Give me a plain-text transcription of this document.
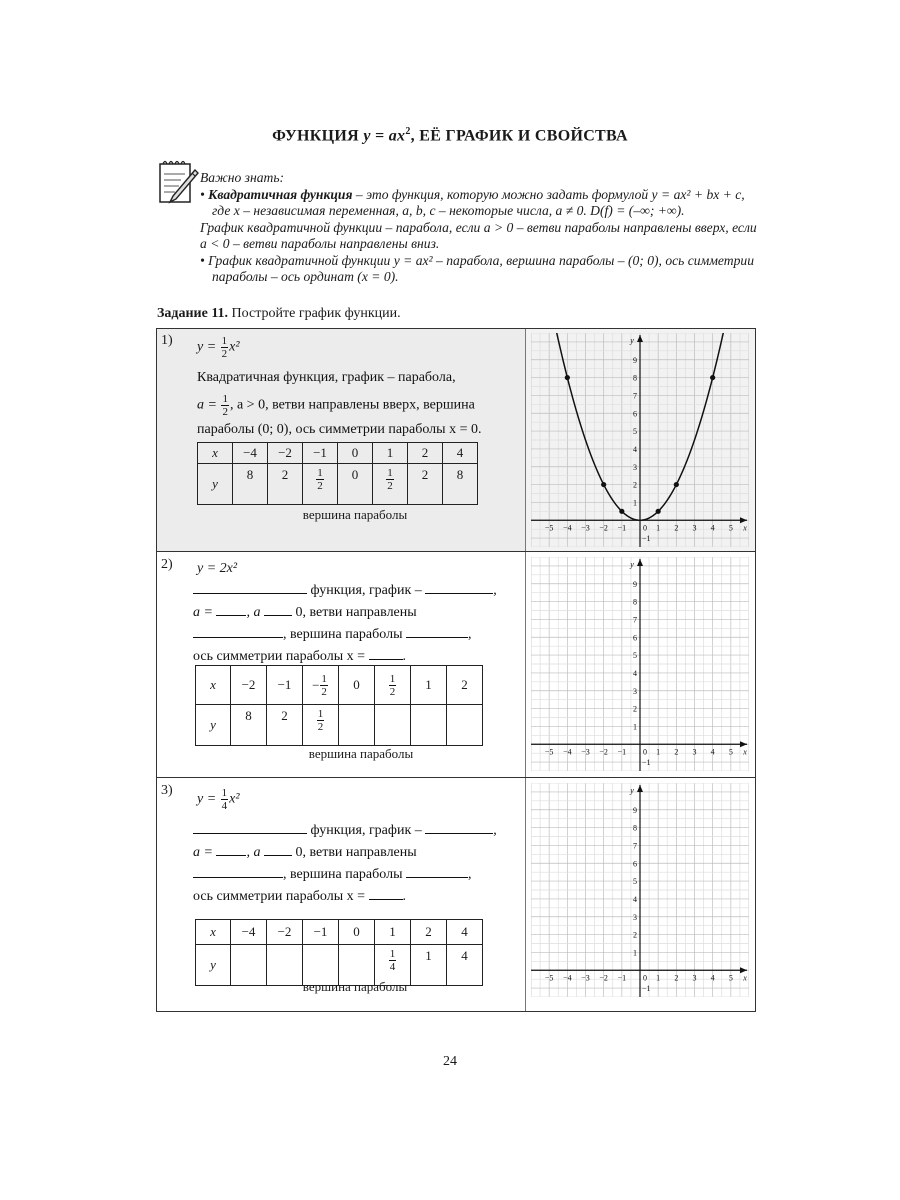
ФУНКЦИЯ $y = ax^2$, ЕЁ ГРАФИК И СВОЙСТВА

Важно знать:

• Квадратичная функция – это функция, которую можно задать формулой y = ax² + bx + c, где x – независимая переменная, a, b, c – некоторые числа, a ≠ 0. D(f) = (–∞; +∞).

График квадратичной функции – парабола, если a > 0 – ветви параболы направлены вверх, если a < 0 – ветви параболы направлены вниз.

• График квадратичной функции y = ax² – парабола, вершина параболы – (0; 0), ось симметрии параболы – ось ординат (x = 0).

Задание 11. Постройте график функции.
1) $y = \frac{1}{2} x^2$
Квадратичная функция, график – парабола,
$a = \frac{1}{2}$ , a > 0, ветви направлены вверх, вершина
параболы (0; 0), ось симметрии параболы x = 0.
x	−4	−2	−1	0	1	2	4
y	8	2	$\frac{1}{2}$	0	$\frac{1}{2}$	2	8
вершина параболы
2) y = 2x²
функция, график –	,
a = , a  0, ветви направлены
, вершина параболы	,
ось симметрии параболы x = .
x	−2	−1	− $\frac{1}{2}$	0	$\frac{1}{2}$	1	2
y	8	2	$\frac{1}{2}$

вершина параболы
3)
$y = \frac{1}{4} x^2$
функция, график –	,
a = , a  0, ветви направлены
, вершина параболы	,
ось симметрии параболы x = .
x	−4	−2	−1	0	1	2	4
y					$\frac{1}{4}$	1	4
вершина параболы
−5 −4 −3 −2 −1	1 2 3 4 5
1
2
3
4
5
6
7
8
9
−1
0	x
y
−5 −4 −3 −2 −1	1 2 3 4 5
1
2
3
4
5
6
7
8
9
−1
0	x
y
−5 −4 −3 −2 −1	1 2 3 4 5
1
2
3
4
5
6
7
8
9
−1
0	x
y
24
